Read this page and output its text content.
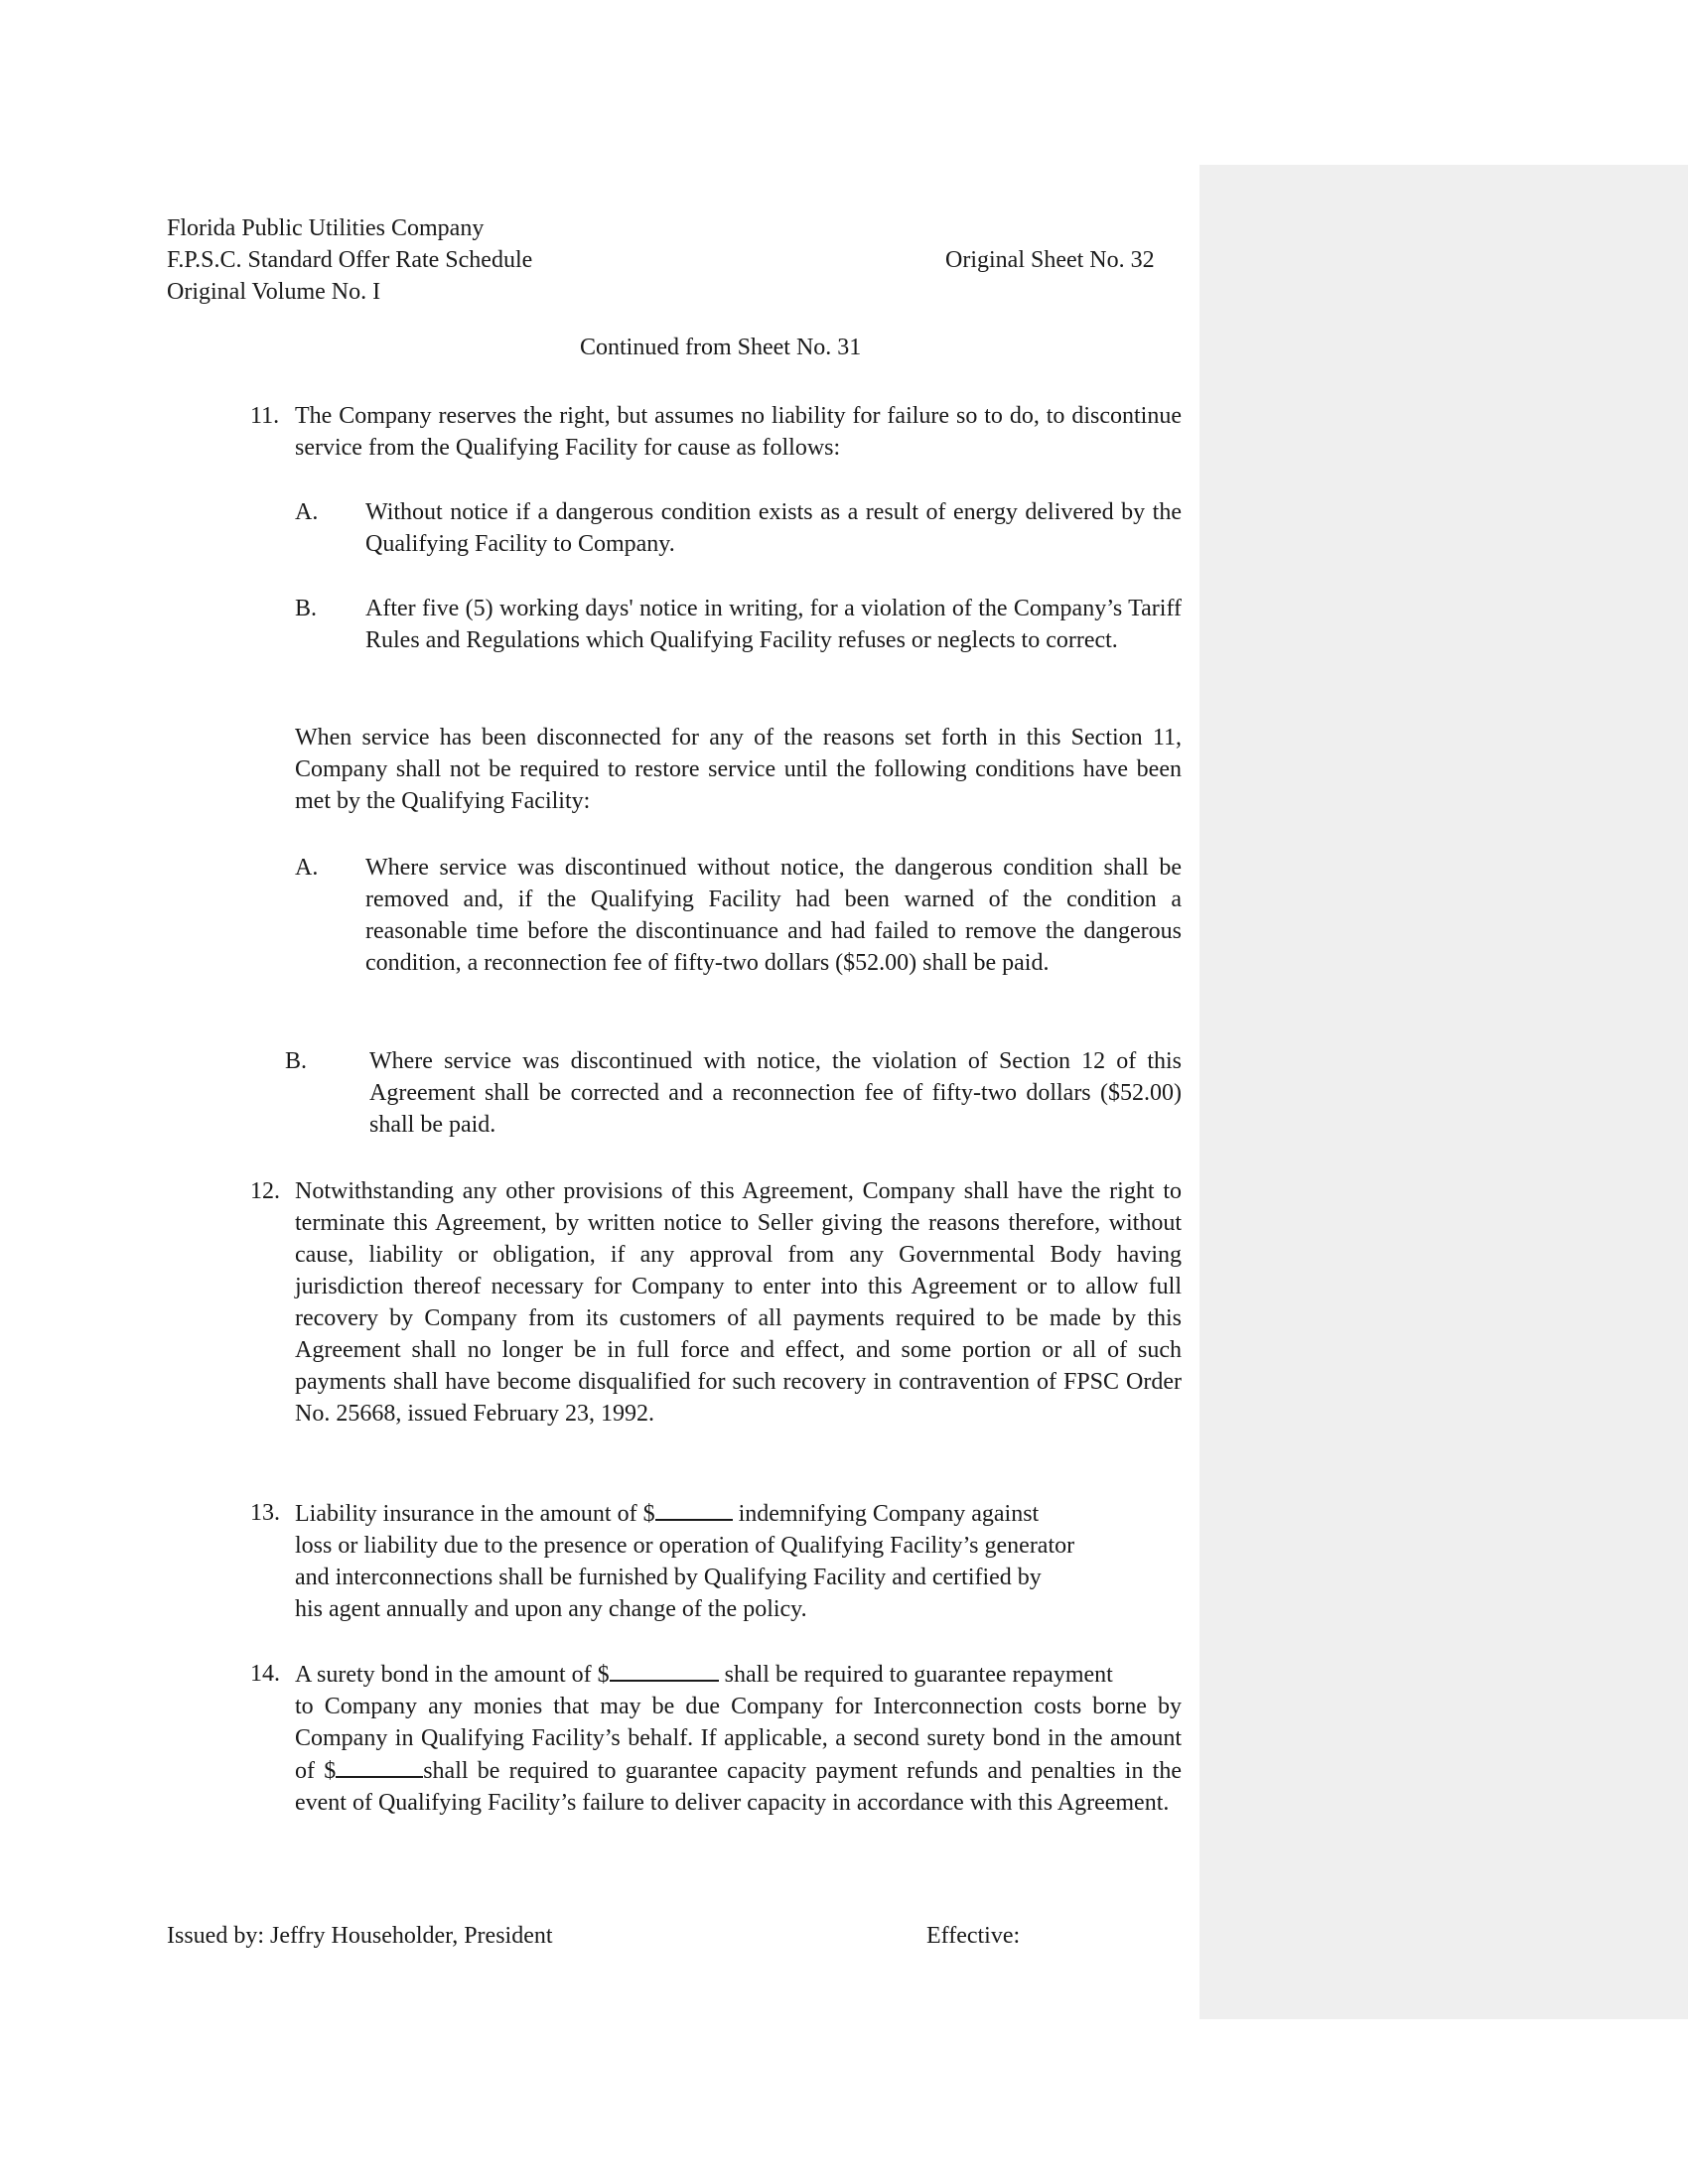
Florida Public Utilities Company
F.P.S.C. Standard Offer Rate Schedule
Original Volume No. I
Original Sheet No. 32
Continued from Sheet No. 31
11. The Company reserves the right, but assumes no liability for failure so to do, to discontinue service from the Qualifying Facility for cause as follows:
A. Without notice if a dangerous condition exists as a result of energy delivered by the Qualifying Facility to Company.
B. After five (5) working days' notice in writing, for a violation of the Company’s Tariff Rules and Regulations which Qualifying Facility refuses or neglects to correct.
When service has been disconnected for any of the reasons set forth in this Section 11, Company shall not be required to restore service until the following conditions have been met by the Qualifying Facility:
A. Where service was discontinued without notice, the dangerous condition shall be removed and, if the Qualifying Facility had been warned of the condition a reasonable time before the discontinuance and had failed to remove the dangerous condition, a reconnection fee of fifty-two dollars ($52.00) shall be paid.
B.	Where service was discontinued with notice, the violation of Section 12 of this Agreement shall be corrected and a reconnection fee of fifty-two dollars ($52.00) shall be paid.
12. Notwithstanding any other provisions of this Agreement, Company shall have the right to terminate this Agreement, by written notice to Seller giving the reasons therefore, without cause, liability or obligation, if any approval from any Governmental Body having jurisdiction thereof necessary for Company to enter into this Agreement or to allow full recovery by Company from its customers of all payments required to be made by this Agreement shall no longer be in full force and effect, and some portion or all of such payments shall have become disqualified for such recovery in contravention of FPSC Order No. 25668, issued February 23, 1992.
13. Liability insurance in the amount of $	indemnifying Company against
loss or liability due to the presence or operation of Qualifying Facility’s generator
and interconnections shall be furnished by Qualifying Facility and certified by
his agent annually and upon any change of the policy.
14. A surety bond in the amount of $	shall be required to guarantee repayment
to Company any monies that may be due Company for Interconnection costs borne by Company in Qualifying Facility’s behalf. If applicable, a second surety bond in the amount of $	shall be required to guarantee capacity payment refunds and penalties in the event of Qualifying Facility’s failure to deliver capacity in accordance with this Agreement.
Issued by: Jeffry Householder, President	Effective:
